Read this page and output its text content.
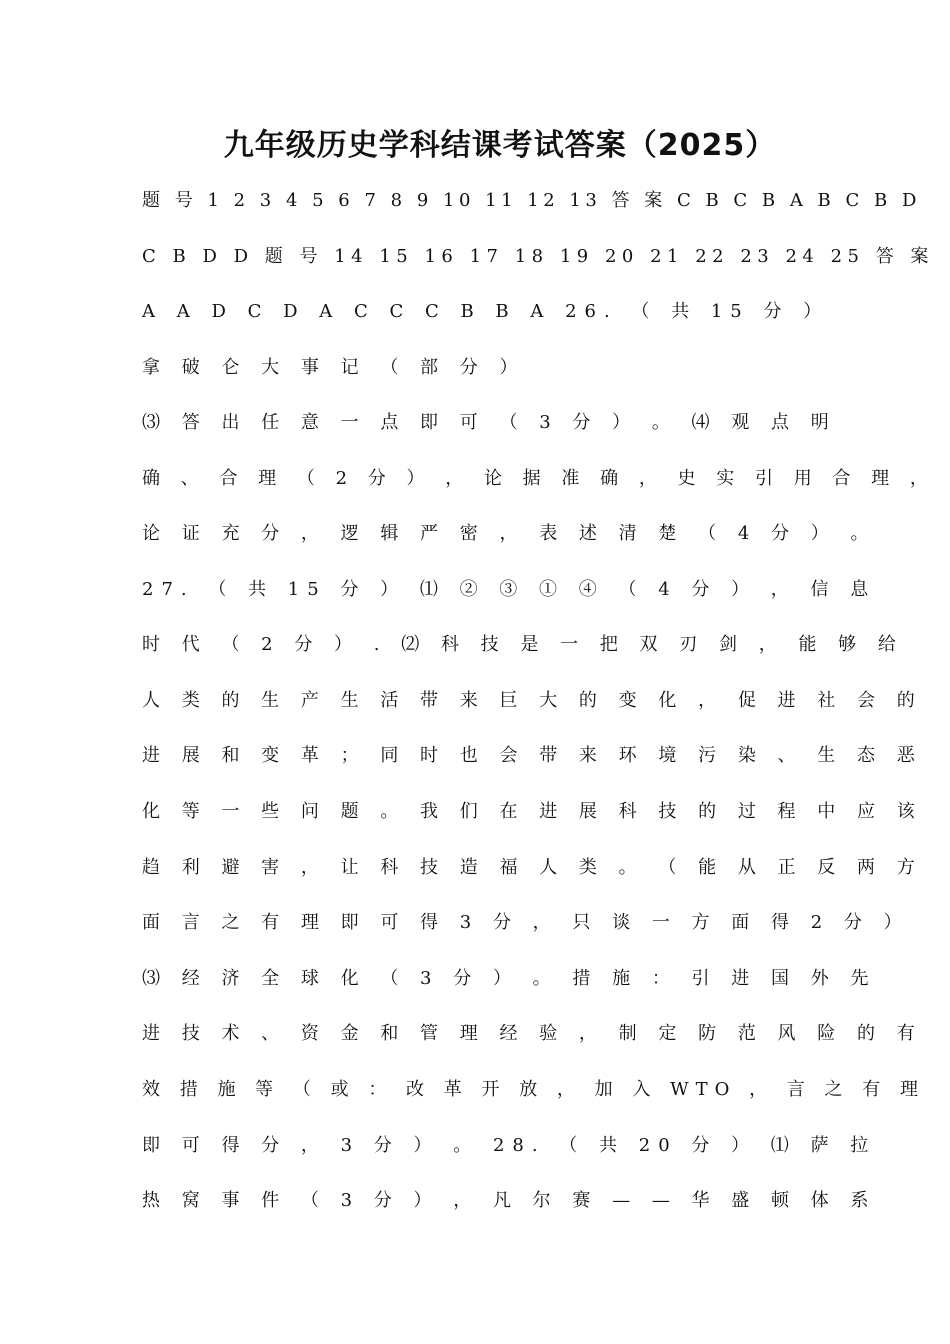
九年级历史学科结课考试答案（2025）
题 号 1 2 3 4 5 6 7 8 9 10 11 12 13 答 案 C B C B A B C B D
C B D D 题 号 14 15 16 17 18 19 20 21 22 23 24 25 答 案
A A D C D A C C C B B A 26. （ 共 15 分 ）
拿 破 仑 大 事 记 （ 部 分 ）
⑶ 答 出 任 意 一 点 即 可 （ 3 分 ） 。 ⑷ 观 点 明
确 、 合 理 （ 2 分 ） ， 论 据 准 确 ， 史 实 引 用 合 理 ，
论 证 充 分 ， 逻 辑 严 密 ， 表 述 清 楚 （ 4 分 ） 。
27. （ 共 15 分 ） ⑴ ② ③ ① ④ （ 4 分 ） ， 信 息
时 代 （ 2 分 ） . ⑵ 科 技 是 一 把 双 刃 剑 ， 能 够 给
人 类 的 生 产 生 活 带 来 巨 大 的 变 化 ， 促 进 社 会 的
进 展 和 变 革 ； 同 时 也 会 带 来 环 境 污 染 、 生 态 恶
化 等 一 些 问 题 。 我 们 在 进 展 科 技 的 过 程 中 应 该
趋 利 避 害 ， 让 科 技 造 福 人 类 。 （ 能 从 正 反 两 方
面 言 之 有 理 即 可 得 3 分 ， 只 谈 一 方 面 得 2 分 ）
⑶ 经 济 全 球 化 （ 3 分 ） 。 措 施 ： 引 进 国 外 先
进 技 术 、 资 金 和 管 理 经 验 ， 制 定 防 范 风 险 的 有
效 措 施 等 （ 或 ： 改 革 开 放 ， 加 入 WTO ， 言 之 有 理
即 可 得 分 ， 3 分 ） 。 28. （ 共 20 分 ） ⑴ 萨 拉
热 窝 事 件 （ 3 分 ） ， 凡 尔 赛 — — 华 盛 顿 体 系
